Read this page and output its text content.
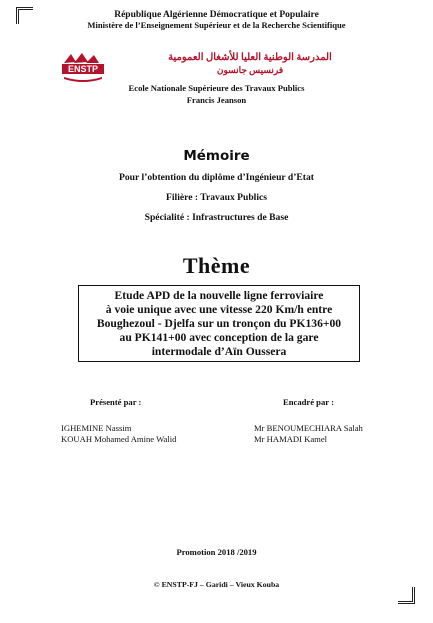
République Algérienne Démocratique et Populaire
Ministère de l’Enseignement Supérieur et de la Recherche Scientifique
ENSTP
المدرسة الوطنية العليا للأشغال العمومية
فرنسيس جانسون
Ecole Nationale Supérieure des Travaux Publics
Francis Jeanson
Mémoire
Pour l’obtention du diplôme d’Ingénieur d’Etat
Filière : Travaux Publics
Spécialité : Infrastructures de Base
Thème
Etude APD de la nouvelle ligne ferroviaire
à voie unique avec une vitesse 220 Km/h entre
Boughezoul - Djelfa sur un tronçon du PK136+00
au PK141+00 avec conception de la gare
intermodale d’Aïn Oussera
Présenté par :	Encadré par :
IGHEMINE Nassim
KOUAH Mohamed Amine Walid
Mr BENOUMECHIARA Salah
Mr HAMADI Kamel
Promotion 2018 /2019
© ENSTP-FJ – Garidi – Vieux Kouba
